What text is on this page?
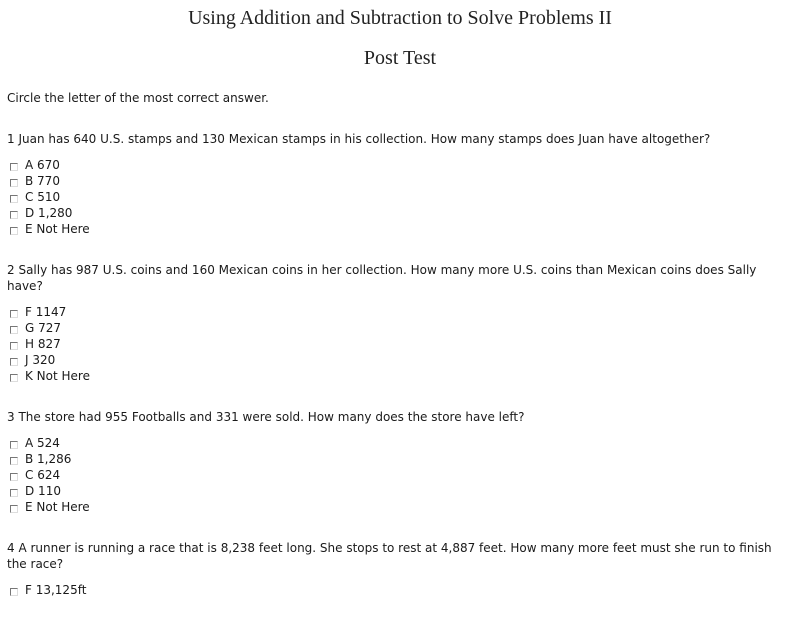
Using Addition and Subtraction to Solve Problems II
Post Test

Circle the letter of the most correct answer.

1 Juan has 640 U.S. stamps and 130 Mexican stamps in his collection. How many stamps does Juan have altogether?

A 670
B 770
C 510
D 1,280
E Not Here

2 Sally has 987 U.S. coins and 160 Mexican coins in her collection. How many more U.S. coins than Mexican coins does Sally have?

F 1147
G 727
H 827
J 320
K Not Here

3 The store had 955 Footballs and 331 were sold. How many does the store have left?

A 524
B 1,286
C 624
D 110
E Not Here

4 A runner is running a race that is 8,238 feet long. She stops to rest at 4,887 feet. How many more feet must she run to finish the race?

F 13,125ft
